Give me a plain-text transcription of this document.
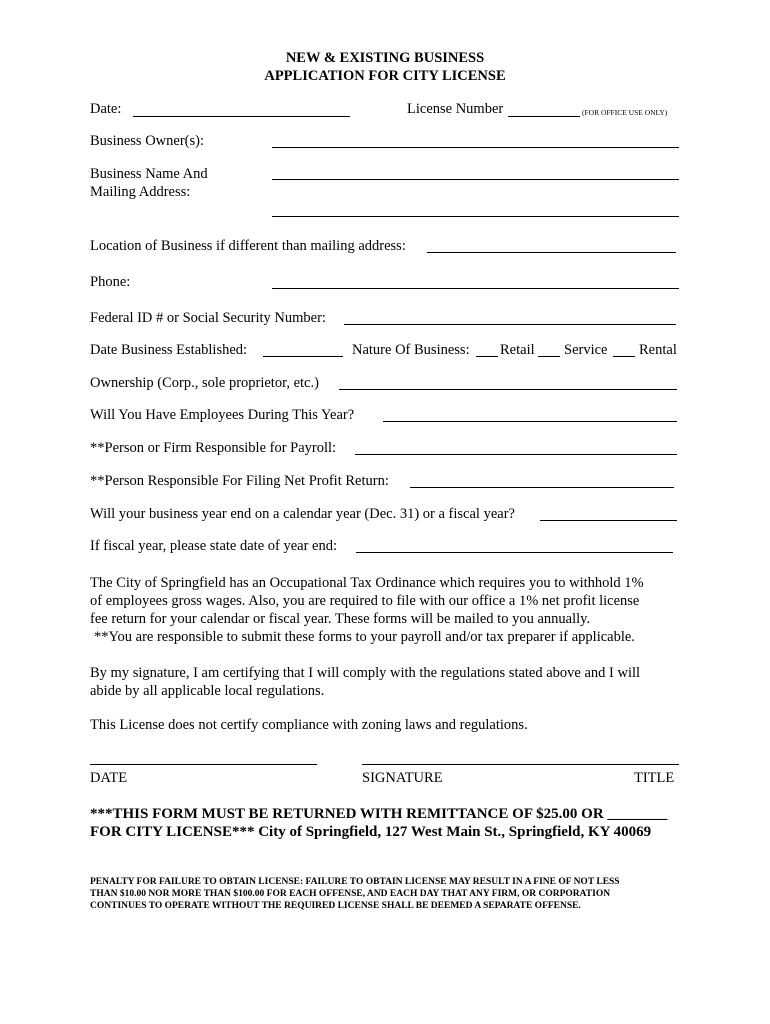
NEW & EXISTING BUSINESS
APPLICATION FOR CITY LICENSE
Date:	License Number	(FOR OFFICE USE ONLY)
Business Owner(s):
Business Name And
Mailing Address:
Location of Business if different than mailing address:
Phone:
Federal ID # or Social Security Number:
Date Business Established:	Nature Of Business: Retail Service Rental
Ownership (Corp., sole proprietor, etc.)
Will You Have Employees During This Year?
**Person or Firm Responsible for Payroll:
**Person Responsible For Filing Net Profit Return:
Will your business year end on a calendar year (Dec. 31) or a fiscal year?
If fiscal year, please state date of year end:
The City of Springfield has an Occupational Tax Ordinance which requires you to withhold 1%
of employees gross wages. Also, you are required to file with our office a 1% net profit license
fee return for your calendar or fiscal year. These forms will be mailed to you annually.
**You are responsible to submit these forms to your payroll and/or tax preparer if applicable.
By my signature, I am certifying that I will comply with the regulations stated above and I will
abide by all applicable local regulations.
This License does not certify compliance with zoning laws and regulations.
DATE	SIGNATURE	TITLE
***THIS FORM MUST BE RETURNED WITH REMITTANCE OF $25.00 OR ________
FOR CITY LICENSE*** City of Springfield, 127 West Main St., Springfield, KY 40069
PENALTY FOR FAILURE TO OBTAIN LICENSE: FAILURE TO OBTAIN LICENSE MAY RESULT IN A FINE OF NOT LESS
THAN $10.00 NOR MORE THAN $100.00 FOR EACH OFFENSE, AND EACH DAY THAT ANY FIRM, OR CORPORATION
CONTINUES TO OPERATE WITHOUT THE REQUIRED LICENSE SHALL BE DEEMED A SEPARATE OFFENSE.
